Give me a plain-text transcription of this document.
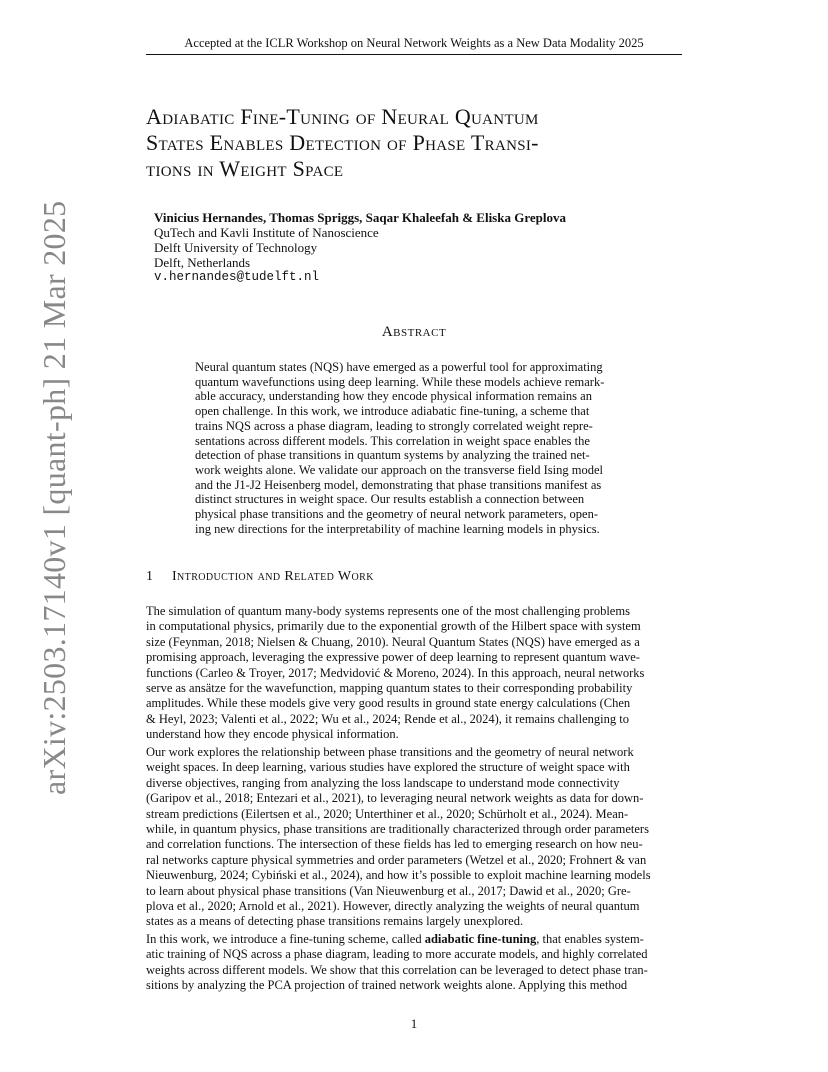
Accepted at the ICLR Workshop on Neural Network Weights as a New Data Modality 2025
arXiv:2503.17140v1 [quant-ph] 21 Mar 2025
Adiabatic Fine-Tuning of Neural Quantum
States Enables Detection of Phase Transi-
tions in Weight Space
Vinicius Hernandes, Thomas Spriggs, Saqar Khaleefah & Eliska Greplova
QuTech and Kavli Institute of Nanoscience
Delft University of Technology
Delft, Netherlands
v.hernandes@tudelft.nl
Abstract
Neural quantum states (NQS) have emerged as a powerful tool for approximating
quantum wavefunctions using deep learning. While these models achieve remark-
able accuracy, understanding how they encode physical information remains an
open challenge. In this work, we introduce adiabatic fine-tuning, a scheme that
trains NQS across a phase diagram, leading to strongly correlated weight repre-
sentations across different models. This correlation in weight space enables the
detection of phase transitions in quantum systems by analyzing the trained net-
work weights alone. We validate our approach on the transverse field Ising model
and the J1-J2 Heisenberg model, demonstrating that phase transitions manifest as
distinct structures in weight space. Our results establish a connection between
physical phase transitions and the geometry of neural network parameters, open-
ing new directions for the interpretability of machine learning models in physics.
1 Introduction and Related Work
The simulation of quantum many-body systems represents one of the most challenging problems
in computational physics, primarily due to the exponential growth of the Hilbert space with system
size (Feynman, 2018; Nielsen & Chuang, 2010). Neural Quantum States (NQS) have emerged as a
promising approach, leveraging the expressive power of deep learning to represent quantum wave-
functions (Carleo & Troyer, 2017; Medvidović & Moreno, 2024). In this approach, neural networks
serve as ansätze for the wavefunction, mapping quantum states to their corresponding probability
amplitudes. While these models give very good results in ground state energy calculations (Chen
& Heyl, 2023; Valenti et al., 2022; Wu et al., 2024; Rende et al., 2024), it remains challenging to
understand how they encode physical information.
Our work explores the relationship between phase transitions and the geometry of neural network
weight spaces. In deep learning, various studies have explored the structure of weight space with
diverse objectives, ranging from analyzing the loss landscape to understand mode connectivity
(Garipov et al., 2018; Entezari et al., 2021), to leveraging neural network weights as data for down-
stream predictions (Eilertsen et al., 2020; Unterthiner et al., 2020; Schürholt et al., 2024). Mean-
while, in quantum physics, phase transitions are traditionally characterized through order parameters
and correlation functions. The intersection of these fields has led to emerging research on how neu-
ral networks capture physical symmetries and order parameters (Wetzel et al., 2020; Frohnert & van
Nieuwenburg, 2024; Cybiński et al., 2024), and how it’s possible to exploit machine learning models
to learn about physical phase transitions (Van Nieuwenburg et al., 2017; Dawid et al., 2020; Gre-
plova et al., 2020; Arnold et al., 2021). However, directly analyzing the weights of neural quantum
states as a means of detecting phase transitions remains largely unexplored.
In this work, we introduce a fine-tuning scheme, called adiabatic fine-tuning, that enables system-
atic training of NQS across a phase diagram, leading to more accurate models, and highly correlated
weights across different models. We show that this correlation can be leveraged to detect phase tran-
sitions by analyzing the PCA projection of trained network weights alone. Applying this method
1
